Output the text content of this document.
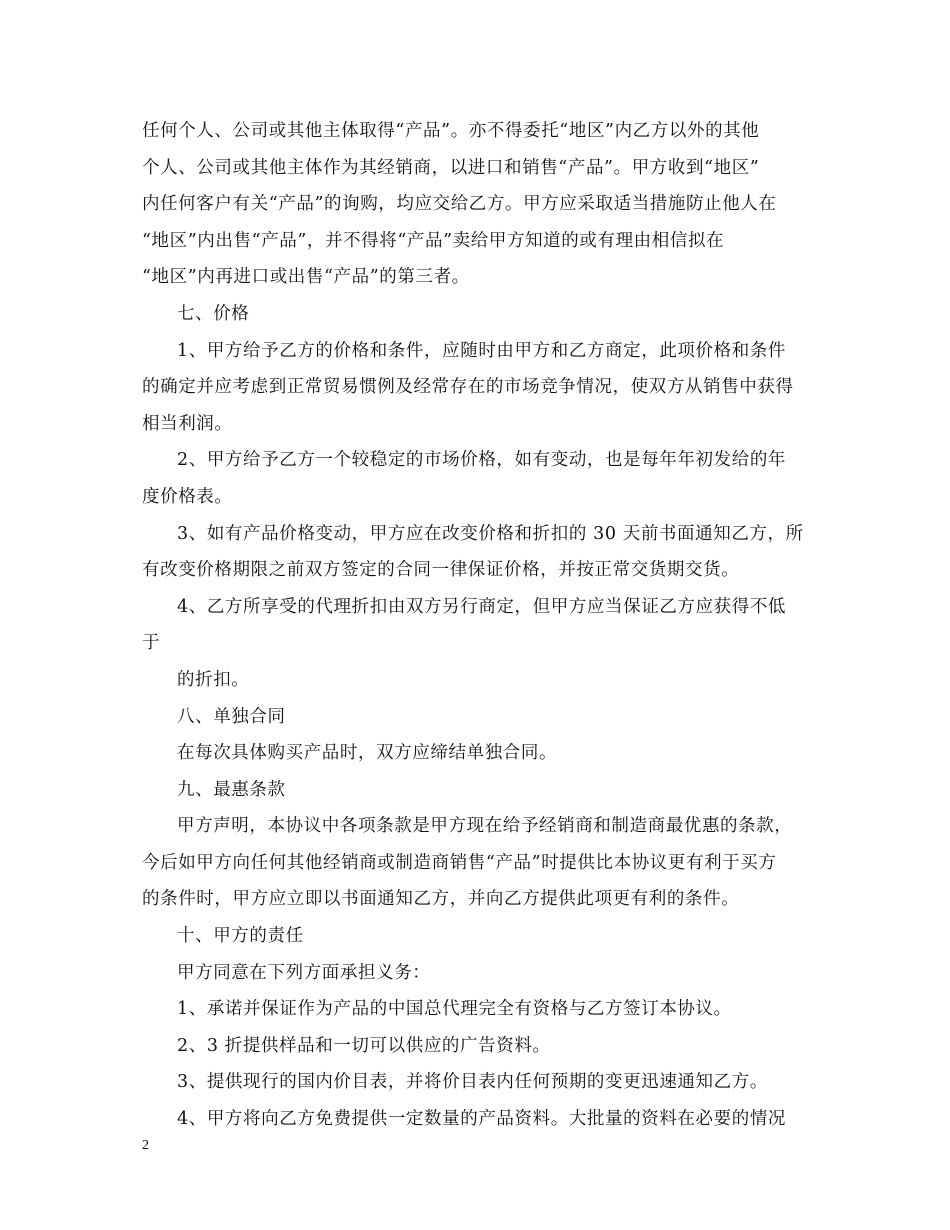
任何个人、公司或其他主体取得“产品”。亦不得委托“地区”内乙方以外的其他
个人、公司或其他主体作为其经销商，以进口和销售“产品”。甲方收到“地区”
内任何客户有关“产品”的询购，均应交给乙方。甲方应采取适当措施防止他人在
“地区”内出售“产品”，并不得将“产品”卖给甲方知道的或有理由相信拟在
“地区”内再进口或出售“产品”的第三者。
七、价格
1、甲方给予乙方的价格和条件，应随时由甲方和乙方商定，此项价格和条件
的确定并应考虑到正常贸易惯例及经常存在的市场竞争情况，使双方从销售中获得
相当利润。
2、甲方给予乙方一个较稳定的市场价格，如有变动，也是每年年初发给的年
度价格表。
3、如有产品价格变动，甲方应在改变价格和折扣的 30 天前书面通知乙方，所
有改变价格期限之前双方签定的合同一律保证价格，并按正常交货期交货。
4、乙方所享受的代理折扣由双方另行商定，但甲方应当保证乙方应获得不低
于
的折扣。
八、单独合同
在每次具体购买产品时，双方应缔结单独合同。
九、最惠条款
甲方声明，本协议中各项条款是甲方现在给予经销商和制造商最优惠的条款，
今后如甲方向任何其他经销商或制造商销售“产品”时提供比本协议更有利于买方
的条件时，甲方应立即以书面通知乙方，并向乙方提供此项更有利的条件。
十、甲方的责任
甲方同意在下列方面承担义务：
1、承诺并保证作为产品的中国总代理完全有资格与乙方签订本协议。
2、3 折提供样品和一切可以供应的广告资料。
3、提供现行的国内价目表，并将价目表内任何预期的变更迅速通知乙方。
4、甲方将向乙方免费提供一定数量的产品资料。大批量的资料在必要的情况
2
